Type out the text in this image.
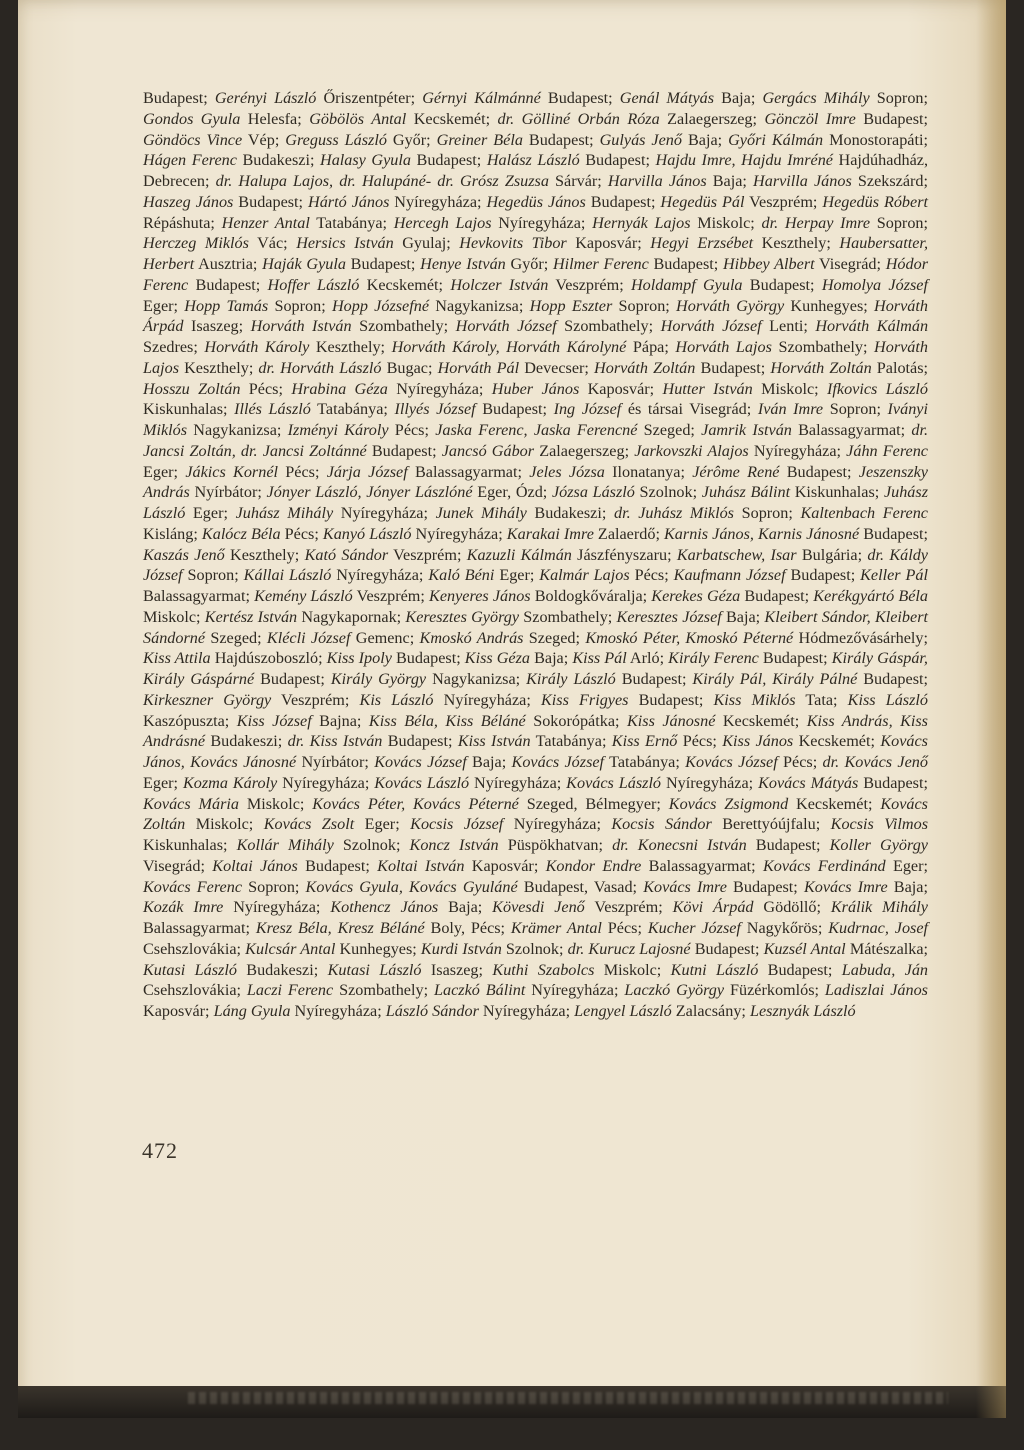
Budapest; Gerényi László Őriszentpéter; Gérnyi Kálmánné Budapest; Genál Mátyás Baja; Gergács Mihály Sopron; Gondos Gyula Helesfa; Göbölös Antal Kecskemét; dr. Gölliné Orbán Róza Zalaegerszeg; Gönczöl Imre Budapest; Göndöcs Vince Vép; Greguss László Győr; Greiner Béla Budapest; Gulyás Jenő Baja; Győri Kálmán Monostorapáti; Hágen Ferenc Budakeszi; Halasy Gyula Budapest; Halász László Budapest; Hajdu Imre, Hajdu Imréné Hajdúhadház, Debrecen; dr. Halupa Lajos, dr. Halupáné- dr. Grósz Zsuzsa Sárvár; Harvilla János Baja; Harvilla János Szekszárd; Haszeg János Budapest; Hártó János Nyíregyháza; Hegedüs János Budapest; Hegedüs Pál Veszprém; Hegedüs Róbert Répáshuta; Henzer Antal Tatabánya; Hercegh Lajos Nyíregyháza; Hernyák Lajos Miskolc; dr. Herpay Imre Sopron; Herczeg Miklós Vác; Hersics István Gyulaj; Hevkovits Tibor Kaposvár; Hegyi Erzsébet Keszthely; Haubersatter, Herbert Ausztria; Haják Gyula Budapest; Henye István Győr; Hilmer Ferenc Budapest; Hibbey Albert Visegrád; Hódor Ferenc Budapest; Hoffer László Kecskemét; Holczer István Veszprém; Holdampf Gyula Budapest; Homolya József Eger; Hopp Tamás Sopron; Hopp Józsefné Nagykanizsa; Hopp Eszter Sopron; Horváth György Kunhegyes; Horváth Árpád Isaszeg; Horváth István Szombathely; Horváth József Szombathely; Horváth József Lenti; Horváth Kálmán Szedres; Horváth Károly Keszthely; Horváth Károly, Horváth Károlyné Pápa; Horváth Lajos Szombathely; Horváth Lajos Keszthely; dr. Horváth László Bugac; Horváth Pál Devecser; Horváth Zoltán Budapest; Horváth Zoltán Palotás; Hosszu Zoltán Pécs; Hrabina Géza Nyíregyháza; Huber János Kaposvár; Hutter István Miskolc; Ifkovics László Kiskunhalas; Illés László Tatabánya; Illyés József Budapest; Ing József és társai Visegrád; Iván Imre Sopron; Iványi Miklós Nagykanizsa; Izményi Károly Pécs; Jaska Ferenc, Jaska Ferencné Szeged; Jamrik István Balassagyarmat; dr. Jancsi Zoltán, dr. Jancsi Zoltánné Budapest; Jancsó Gábor Zalaegerszeg; Jarkovszki Alajos Nyíregyháza; Jáhn Ferenc Eger; Jákics Kornél Pécs; Járja József Balassagyarmat; Jeles Józsa Ilonatanya; Jérôme René Budapest; Jeszenszky András Nyírbátor; Jónyer László, Jónyer Lászlóné Eger, Ózd; Józsa László Szolnok; Juhász Bálint Kiskunhalas; Juhász László Eger; Juhász Mihály Nyíregyháza; Junek Mihály Budakeszi; dr. Juhász Miklós Sopron; Kaltenbach Ferenc Kisláng; Kalócz Béla Pécs; Kanyó László Nyíregyháza; Karakai Imre Zalaerdő; Karnis János, Karnis Jánosné Budapest; Kaszás Jenő Keszthely; Kató Sándor Veszprém; Kazuzli Kálmán Jászfényszaru; Karbatschew, Isar Bulgária; dr. Káldy József Sopron; Kállai László Nyíregyháza; Kaló Béni Eger; Kalmár Lajos Pécs; Kaufmann József Budapest; Keller Pál Balassagyarmat; Kemény László Veszprém; Kenyeres János Boldogkőváralja; Kerekes Géza Budapest; Kerékgyártó Béla Miskolc; Kertész István Nagykapornak; Keresztes György Szombathely; Keresztes József Baja; Kleibert Sándor, Kleibert Sándorné Szeged; Klécli József Gemenc; Kmoskó András Szeged; Kmoskó Péter, Kmoskó Péterné Hódmezővásárhely; Kiss Attila Hajdúszoboszló; Kiss Ipoly Budapest; Kiss Géza Baja; Kiss Pál Arló; Király Ferenc Budapest; Király Gáspár, Király Gáspárné Budapest; Király György Nagykanizsa; Király László Budapest; Király Pál, Király Pálné Budapest; Kirkeszner György Veszprém; Kis László Nyíregyháza; Kiss Frigyes Budapest; Kiss Miklós Tata; Kiss László Kaszópuszta; Kiss József Bajna; Kiss Béla, Kiss Béláné Sokorópátka; Kiss Jánosné Kecskemét; Kiss András, Kiss Andrásné Budakeszi; dr. Kiss István Budapest; Kiss István Tatabánya; Kiss Ernő Pécs; Kiss János Kecskemét; Kovács János, Kovács Jánosné Nyírbátor; Kovács József Baja; Kovács József Tatabánya; Kovács József Pécs; dr. Kovács Jenő Eger; Kozma Károly Nyíregyháza; Kovács László Nyíregyháza; Kovács László Nyíregyháza; Kovács Mátyás Budapest; Kovács Mária Miskolc; Kovács Péter, Kovács Péterné Szeged, Bélmegyer; Kovács Zsigmond Kecskemét; Kovács Zoltán Miskolc; Kovács Zsolt Eger; Kocsis József Nyíregyháza; Kocsis Sándor Berettyóújfalu; Kocsis Vilmos Kiskunhalas; Kollár Mihály Szolnok; Koncz István Püspökhatvan; dr. Konecsni István Budapest; Koller György Visegrád; Koltai János Budapest; Koltai István Kaposvár; Kondor Endre Balassagyarmat; Kovács Ferdinánd Eger; Kovács Ferenc Sopron; Kovács Gyula, Kovács Gyuláné Budapest, Vasad; Kovács Imre Budapest; Kovács Imre Baja; Kozák Imre Nyíregyháza; Kothencz János Baja; Kövesdi Jenő Veszprém; Kövi Árpád Gödöllő; Králik Mihály Balassagyarmat; Kresz Béla, Kresz Béláné Boly, Pécs; Krämer Antal Pécs; Kucher József Nagykőrös; Kudrnac, Josef Csehszlovákia; Kulcsár Antal Kunhegyes; Kurdi István Szolnok; dr. Kurucz Lajosné Budapest; Kuzsél Antal Mátészalka; Kutasi László Budakeszi; Kutasi László Isaszeg; Kuthi Szabolcs Miskolc; Kutni László Budapest; Labuda, Ján Csehszlovákia; Laczi Ferenc Szombathely; Laczkó Bálint Nyíregyháza; Laczkó György Füzérkomlós; Ladiszlai János Kaposvár; Láng Gyula Nyíregyháza; László Sándor Nyíregyháza; Lengyel László Zalacsány; Lesznyák László
472
